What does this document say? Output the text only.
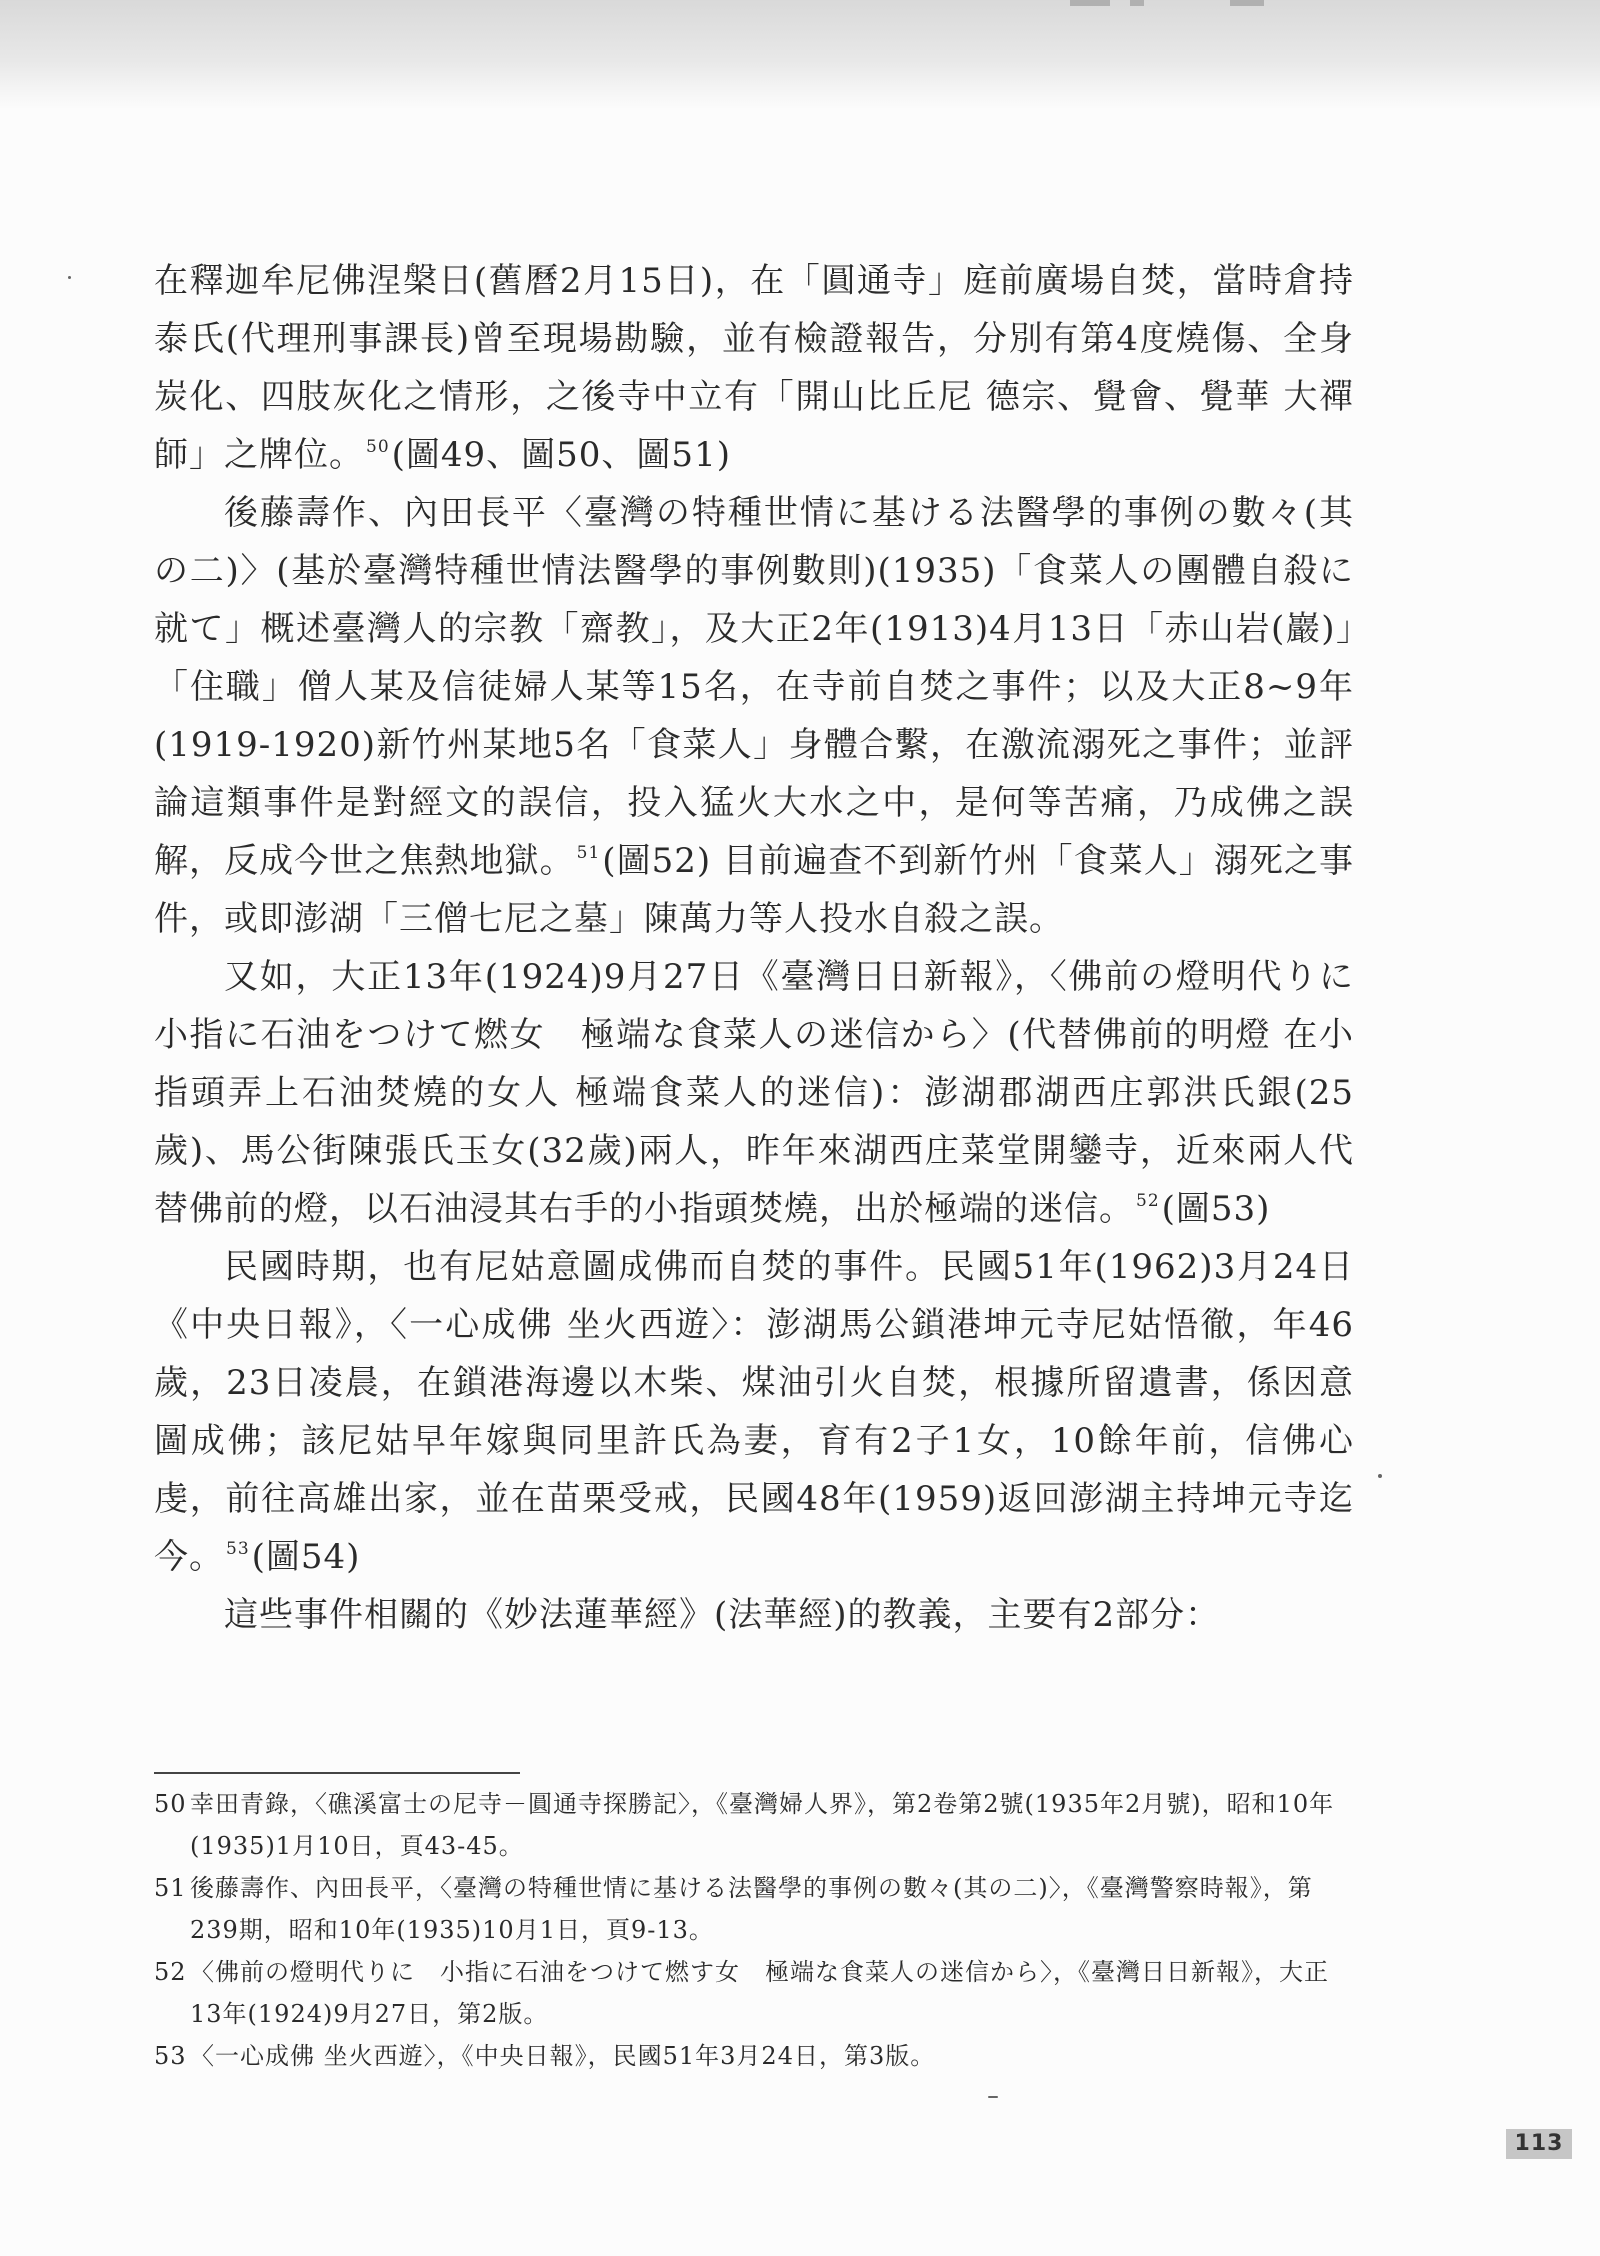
在釋迦牟尼佛涅槃日(舊曆2月15日)，在「圓通寺」庭前廣場自焚，當時倉持泰氏(代理刑事課長)曾至現場勘驗，並有檢證報告，分別有第4度燒傷、全身炭化、四肢灰化之情形，之後寺中立有「開山比丘尼 德宗、覺會、覺華 大禪師」之牌位。 $^{50}$(圖49、圖50、圖51)

後藤壽作、內田長平〈臺灣の特種世情に基ける法醫學的事例の數々(其の二)〉(基於臺灣特種世情法醫學的事例數則)(1935)「食菜人の團體自殺に就て」概述臺灣人的宗教「齋教」，及大正2年(1913)4月13日「赤山岩(巖)」「住職」僧人某及信徒婦人某等15名，在寺前自焚之事件；以及大正8~9年(1919-1920)新竹州某地5名「食菜人」身體合繫，在激流溺死之事件；並評論這類事件是對經文的誤信，投入猛火大水之中，是何等苦痛，乃成佛之誤解，反成今世之焦熱地獄。 $^{51}$(圖52) 目前遍查不到新竹州「食菜人」溺死之事件，或即澎湖「三僧七尼之墓」陳萬力等人投水自殺之誤。

又如，大正13年(1924)9月27日《臺灣日日新報》，〈佛前の燈明代りに　小指に石油をつけて燃女　極端な食菜人の迷信から〉(代替佛前的明燈 在小指頭弄上石油焚燒的女人 極端食菜人的迷信)：澎湖郡湖西庄郭洪氏銀(25歲)、馬公街陳張氏玉女(32歲)兩人，昨年來湖西庄菜堂開鑾寺，近來兩人代替佛前的燈，以石油浸其右手的小指頭焚燒，出於極端的迷信。 $^{52}$(圖53)

民國時期，也有尼姑意圖成佛而自焚的事件。民國51年(1962)3月24日《中央日報》，〈一心成佛 坐火西遊〉：澎湖馬公鎖港坤元寺尼姑悟徹，年46歲，23日凌晨，在鎖港海邊以木柴、煤油引火自焚，根據所留遺書，係因意圖成佛；該尼姑早年嫁與同里許氏為妻，育有2子1女，10餘年前，信佛心虔，前往高雄出家，並在苗栗受戒，民國48年(1959)返回澎湖主持坤元寺迄今。 $^{53}$(圖54)

這些事件相關的《妙法蓮華經》(法華經)的教義，主要有2部分：

50 幸田青錄，〈礁溪富士の尼寺－圓通寺探勝記〉，《臺灣婦人界》，第2卷第2號(1935年2月號)，昭和10年(1935)1月10日，頁43-45。
51 後藤壽作、內田長平，〈臺灣の特種世情に基ける法醫學的事例の數々(其の二)〉，《臺灣警察時報》，第239期，昭和10年(1935)10月1日，頁9-13。
52 〈佛前の燈明代りに　小指に石油をつけて燃す女　極端な食菜人の迷信から〉，《臺灣日日新報》，大正13年(1924)9月27日，第2版。
53 〈一心成佛 坐火西遊〉，《中央日報》，民國51年3月24日，第3版。
113
